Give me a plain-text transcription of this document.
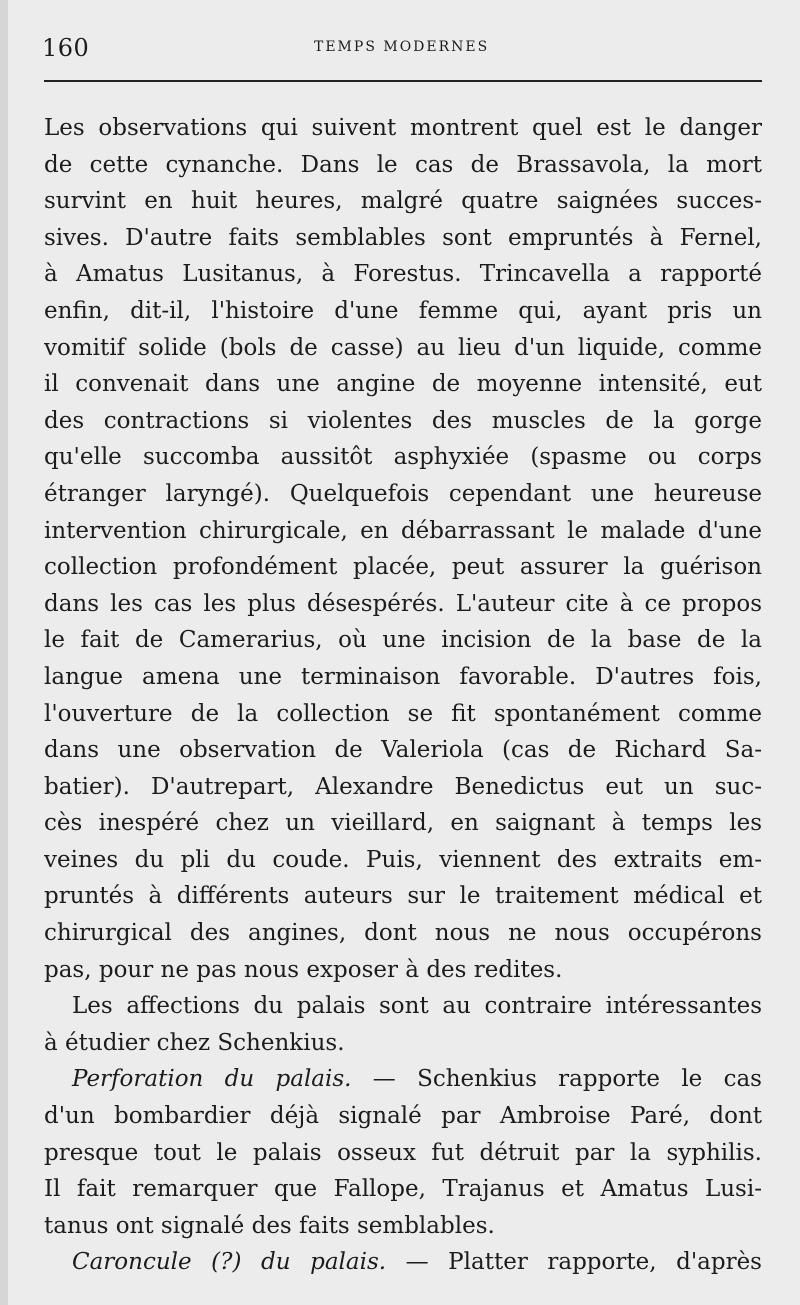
160	TEMPS MODERNES
Les observations qui suivent montrent quel est le danger
de cette cynanche. Dans le cas de Brassavola, la mort
survint en huit heures, malgré quatre saignées succes-
sives. D'autre faits semblables sont empruntés à Fernel,
à Amatus Lusitanus, à Forestus. Trincavella a rapporté
enfin, dit-il, l'histoire d'une femme qui, ayant pris un
vomitif solide (bols de casse) au lieu d'un liquide, comme
il convenait dans une angine de moyenne intensité, eut
des contractions si violentes des muscles de la gorge
qu'elle succomba aussitôt asphyxiée (spasme ou corps
étranger laryngé). Quelquefois cependant une heureuse
intervention chirurgicale, en débarrassant le malade d'une
collection profondément placée, peut assurer la guérison
dans les cas les plus désespérés. L'auteur cite à ce propos
le fait de Camerarius, où une incision de la base de la
langue amena une terminaison favorable. D'autres fois,
l'ouverture de la collection se fit spontanément comme
dans une observation de Valeriola (cas de Richard Sa-
batier). D'autrepart, Alexandre Benedictus eut un suc-
cès inespéré chez un vieillard, en saignant à temps les
veines du pli du coude. Puis, viennent des extraits em-
pruntés à différents auteurs sur le traitement médical et
chirurgical des angines, dont nous ne nous occupérons
pas, pour ne pas nous exposer à des redites.
Les affections du palais sont au contraire intéressantes
à étudier chez Schenkius.
Perforation du palais. — Schenkius rapporte le cas
d'un bombardier déjà signalé par Ambroise Paré, dont
presque tout le palais osseux fut détruit par la syphilis.
Il fait remarquer que Fallope, Trajanus et Amatus Lusi-
tanus ont signalé des faits semblables.
Caroncule (?) du palais. — Platter rapporte, d'après
